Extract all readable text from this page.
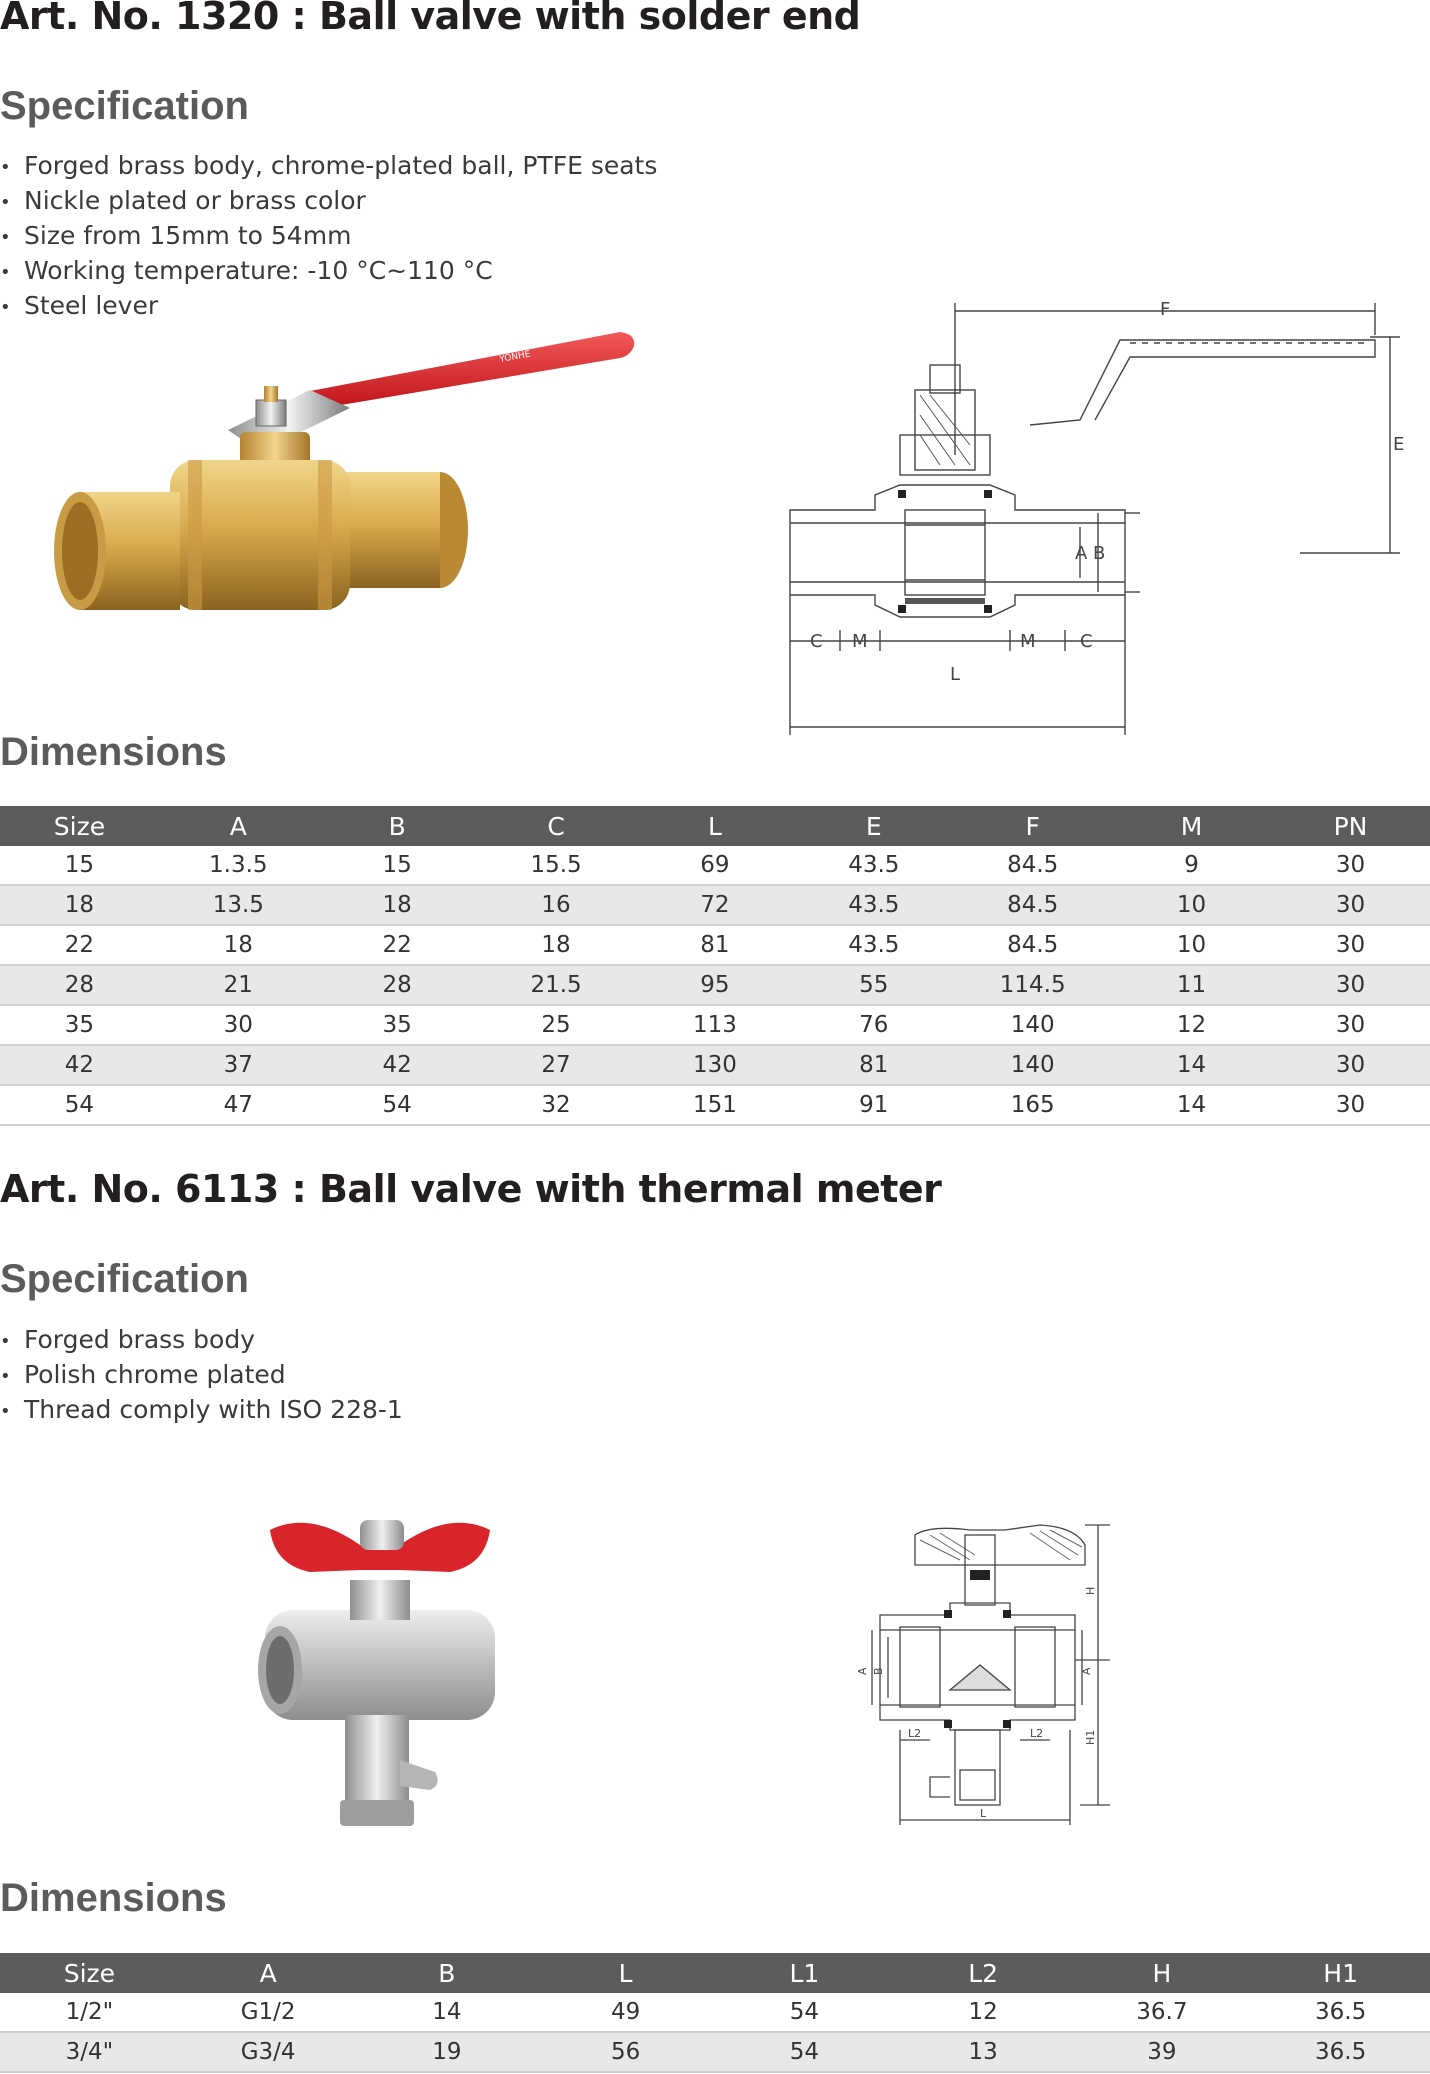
Art. No. 1320 : Ball valve with solder end
Specification
• Forged brass body, chrome-plated ball, PTFE seats
• Nickle plated or brass color
• Size from 15mm to 54mm
• Working temperature: -10 °C~110 °C
• Steel lever
YONHE
ON OFF
F
E
A B
C M	M C
L
Dimensions
Size	A	B	C	L	E	F	M	PN
15	1.3.5	15	15.5	69	43.5	84.5	9	30
18	13.5	18	16	72	43.5	84.5	10	30
22	18	22	18	81	43.5	84.5	10	30
28	21	28	21.5	95	55	114.5	11	30
35	30	35	25	113	76	140	12	30
42	37	42	27	130	81	140	14	30
54	47	54	32	151	91	165	14	30
Art. No. 6113 : Ball valve with thermal meter
Specification
• Forged brass body
• Polish chrome plated
• Thread comply with ISO 228-1
A B	A
H
H1
L2	L2
L
Dimensions
Size	A	B	L	L1	L2	H	H1
1/2"	G1/2	14	49	54	12	36.7	36.5
3/4"	G3/4	19	56	54	13	39	36.5
